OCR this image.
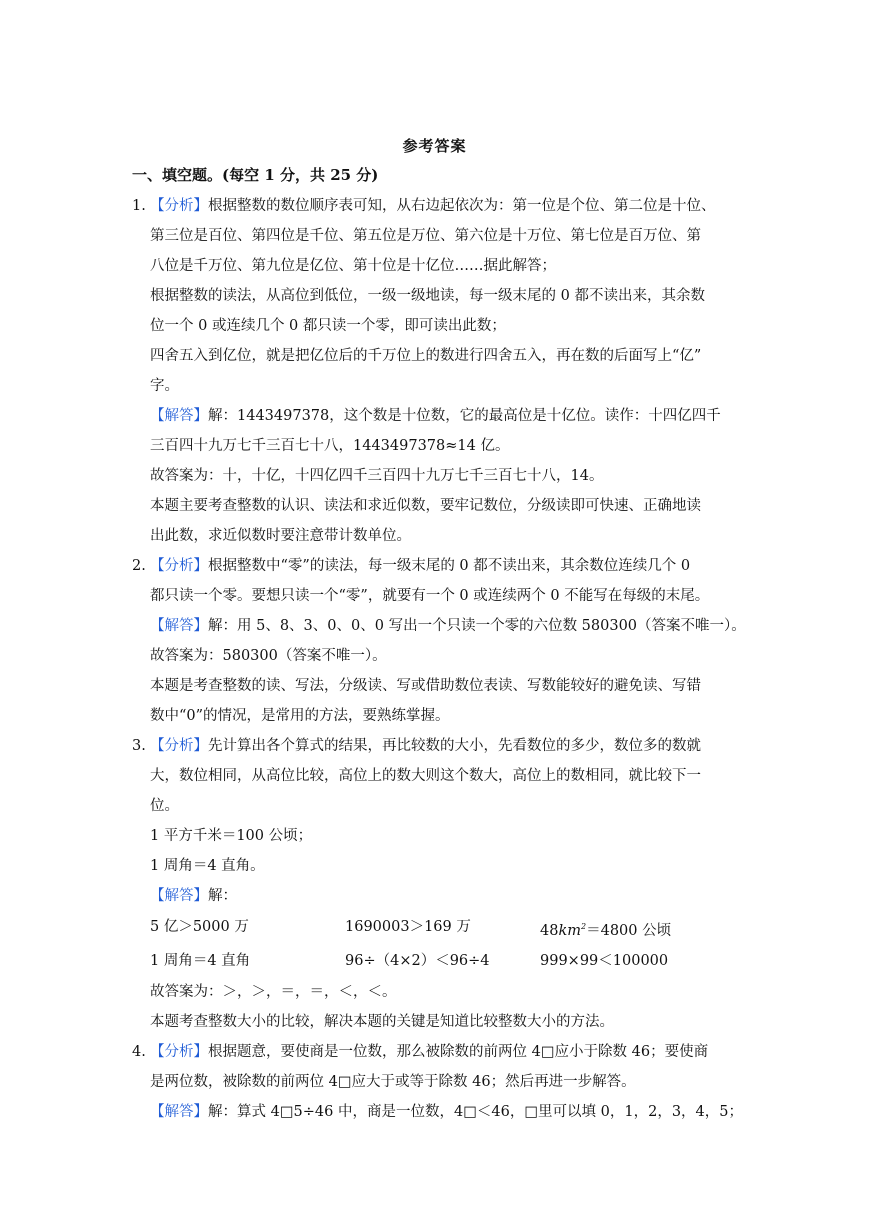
参考答案
一、填空题。(每空 1 分，共 25 分)
1. 【分析】根据整数的数位顺序表可知，从右边起依次为：第一位是个位、第二位是十位、
第三位是百位、第四位是千位、第五位是万位、第六位是十万位、第七位是百万位、第
八位是千万位、第九位是亿位、第十位是十亿位……据此解答；
根据整数的读法，从高位到低位，一级一级地读，每一级末尾的 0 都不读出来，其余数
位一个 0 或连续几个 0 都只读一个零，即可读出此数；
四舍五入到亿位，就是把亿位后的千万位上的数进行四舍五入，再在数的后面写上“亿”
字。
【解答】解：1443497378，这个数是十位数，它的最高位是十亿位。读作：十四亿四千
三百四十九万七千三百七十八，1443497378≈14 亿。
故答案为：十，十亿，十四亿四千三百四十九万七千三百七十八，14。
本题主要考查整数的认识、读法和求近似数，要牢记数位，分级读即可快速、正确地读
出此数，求近似数时要注意带计数单位。
2. 【分析】根据整数中“零”的读法，每一级末尾的 0 都不读出来，其余数位连续几个 0
都只读一个零。要想只读一个“零”，就要有一个 0 或连续两个 0 不能写在每级的末尾。
【解答】解：用 5、8、3、0、0、0 写出一个只读一个零的六位数 580300（答案不唯一）。
故答案为：580300（答案不唯一）。
本题是考查整数的读、写法，分级读、写或借助数位表读、写数能较好的避免读、写错
数中“0”的情况，是常用的方法，要熟练掌握。
3. 【分析】先计算出各个算式的结果，再比较数的大小，先看数位的多少，数位多的数就
大，数位相同，从高位比较，高位上的数大则这个数大，高位上的数相同，就比较下一
位。
1 平方千米＝100 公顷；
1 周角＝4 直角。
【解答】解：
5 亿＞5000 万	1690003＞169 万	$48km^2=4800$ 公顷
1 周角＝4 直角	96÷（4×2）＜96÷4	999×99＜100000
故答案为：＞，＞，＝，＝，＜，＜。
本题考查整数大小的比较，解决本题的关键是知道比较整数大小的方法。
4. 【分析】根据题意，要使商是一位数，那么被除数的前两位 4□应小于除数 46；要使商
是两位数，被除数的前两位 4□应大于或等于除数 46；然后再进一步解答。
【解答】解：算式 4□5÷46 中，商是一位数，4□＜46，□里可以填 0，1，2，3，4，5；
